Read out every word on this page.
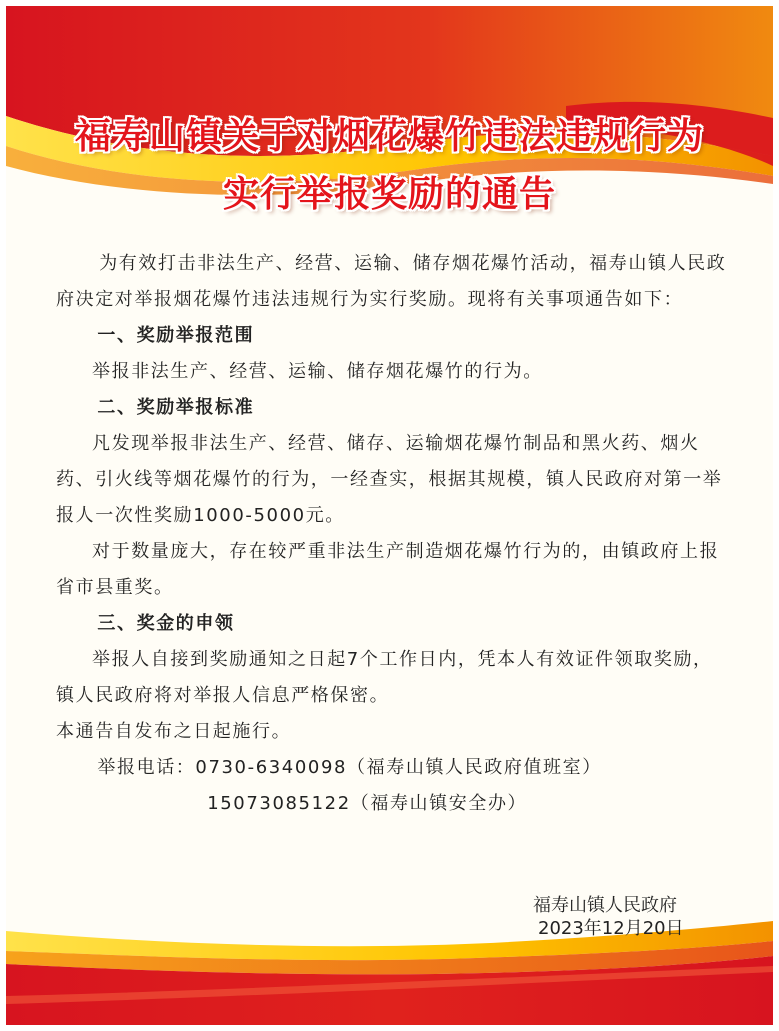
福寿山镇关于对烟花爆竹违法违规行为
实行举报奖励的通告

为有效打击非法生产、经营、运输、储存烟花爆竹活动，福寿山镇人民政府决定对举报烟花爆竹违法违规行为实行奖励。现将有关事项通告如下：

一、奖励举报范围

举报非法生产、经营、运输、储存烟花爆竹的行为。

二、奖励举报标准

凡发现举报非法生产、经营、储存、运输烟花爆竹制品和黑火药、烟火药、引火线等烟花爆竹的行为，一经查实，根据其规模，镇人民政府对第一举报人一次性奖励1000-5000元。

对于数量庞大，存在较严重非法生产制造烟花爆竹行为的，由镇政府上报省市县重奖。

三、奖金的申领

举报人自接到奖励通知之日起7个工作日内，凭本人有效证件领取奖励，镇人民政府将对举报人信息严格保密。

本通告自发布之日起施行。

举报电话：0730-6340098（福寿山镇人民政府值班室）

15073085122（福寿山镇安全办）

福寿山镇人民政府
2023年12月20日
